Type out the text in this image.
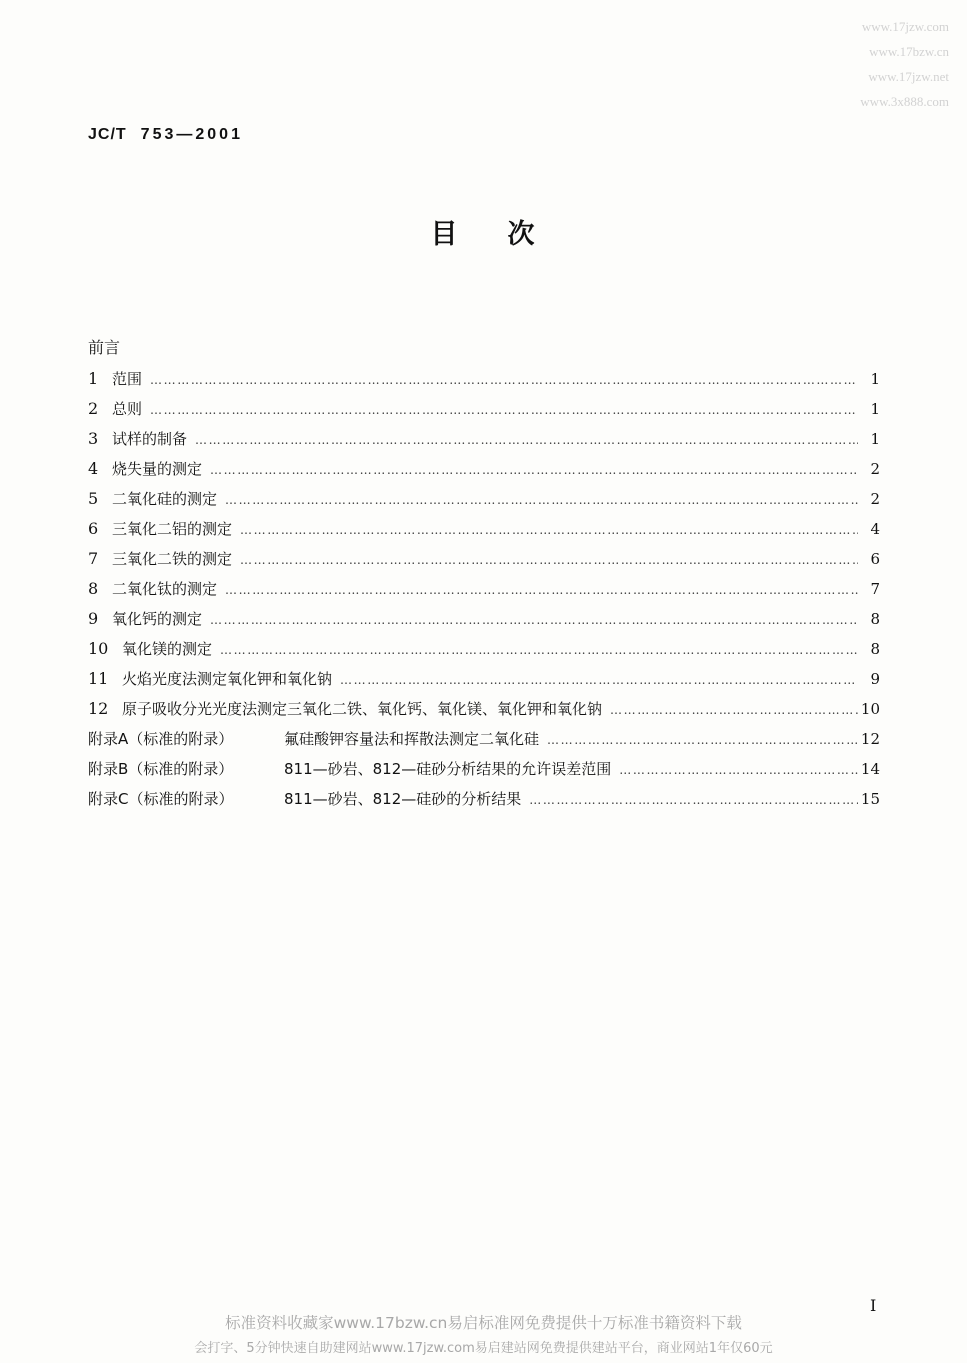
www.17jzw.com
www.17bzw.cn
www.17jzw.net
www.3x888.com
JC/T 753—2001
目次
前言
1 范围 ……………………………………………………………………………………………………………………………………………………………………………………………	1
2 总则 ……………………………………………………………………………………………………………………………………………………………………………………………	1
3 试样的制备 ……………………………………………………………………………………………………………………………………………………………………………………………	1
4 烧失量的测定 ……………………………………………………………………………………………………………………………………………………………………………………………	2
5 二氧化硅的测定 ……………………………………………………………………………………………………………………………………………………………………………………………	2
6 三氧化二铝的测定 ……………………………………………………………………………………………………………………………………………………………………………………………	4
7 三氧化二铁的测定 ……………………………………………………………………………………………………………………………………………………………………………………………	6
8 二氧化钛的测定 ……………………………………………………………………………………………………………………………………………………………………………………………	7
9 氧化钙的测定 ……………………………………………………………………………………………………………………………………………………………………………………………	8
10 氧化镁的测定 ……………………………………………………………………………………………………………………………………………………………………………………………	8
11 火焰光度法测定氧化钾和氧化钠 ……………………………………………………………………………………………………………………………………………………………………………………………	9
12 原子吸收分光光度法测定三氧化二铁、氧化钙、氧化镁、氧化钾和氧化钠 ……………………………………………………………………………………………………………………………………………………………………………………………	10
附录A（标准的附录）	氟硅酸钾容量法和挥散法测定二氧化硅 ……………………………………………………………………………………………………………………………………………………………………………………………	12
附录B（标准的附录）	811—砂岩、812—硅砂分析结果的允许误差范围 ……………………………………………………………………………………………………………………………………………………………………………………………	14
附录C（标准的附录）	811—砂岩、812—硅砂的分析结果 ……………………………………………………………………………………………………………………………………………………………………………………………	15
I
标准资料收藏家www.17bzw.cn易启标准网免费提供十万标准书籍资料下载
会打字、5分钟快速自助建网站www.17jzw.com易启建站网免费提供建站平台，商业网站1年仅60元
